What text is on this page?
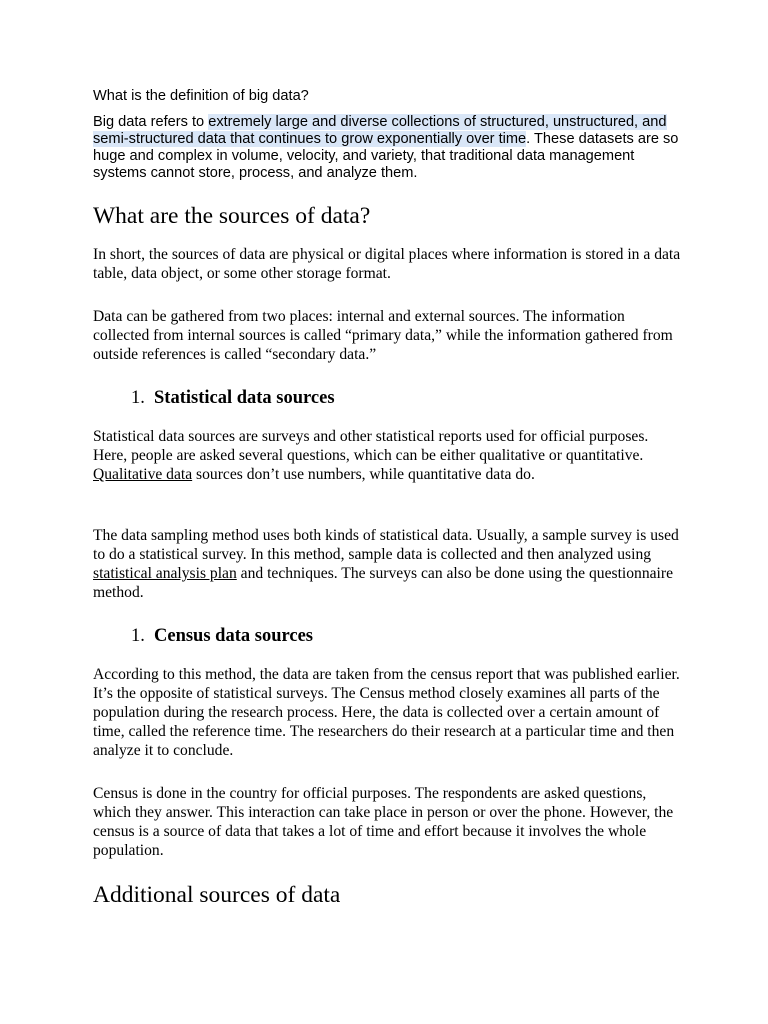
What is the definition of big data?

Big data refers to extremely large and diverse collections of structured, unstructured, and semi-structured data that continues to grow exponentially over time. These datasets are so huge and complex in volume, velocity, and variety, that traditional data management systems cannot store, process, and analyze them.

What are the sources of data?

In short, the sources of data are physical or digital places where information is stored in a data table, data object, or some other storage format.

Data can be gathered from two places: internal and external sources. The information collected from internal sources is called “primary data,” while the information gathered from outside references is called “secondary data.”

1. Statistical data sources

Statistical data sources are surveys and other statistical reports used for official purposes. Here, people are asked several questions, which can be either qualitative or quantitative. Qualitative data sources don’t use numbers, while quantitative data do.

The data sampling method uses both kinds of statistical data. Usually, a sample survey is used to do a statistical survey. In this method, sample data is collected and then analyzed using statistical analysis plan and techniques. The surveys can also be done using the questionnaire method.

1. Census data sources

According to this method, the data are taken from the census report that was published earlier. It’s the opposite of statistical surveys. The Census method closely examines all parts of the population during the research process. Here, the data is collected over a certain amount of time, called the reference time. The researchers do their research at a particular time and then analyze it to conclude.

Census is done in the country for official purposes. The respondents are asked questions, which they answer. This interaction can take place in person or over the phone. However, the census is a source of data that takes a lot of time and effort because it involves the whole population.

Additional sources of data
